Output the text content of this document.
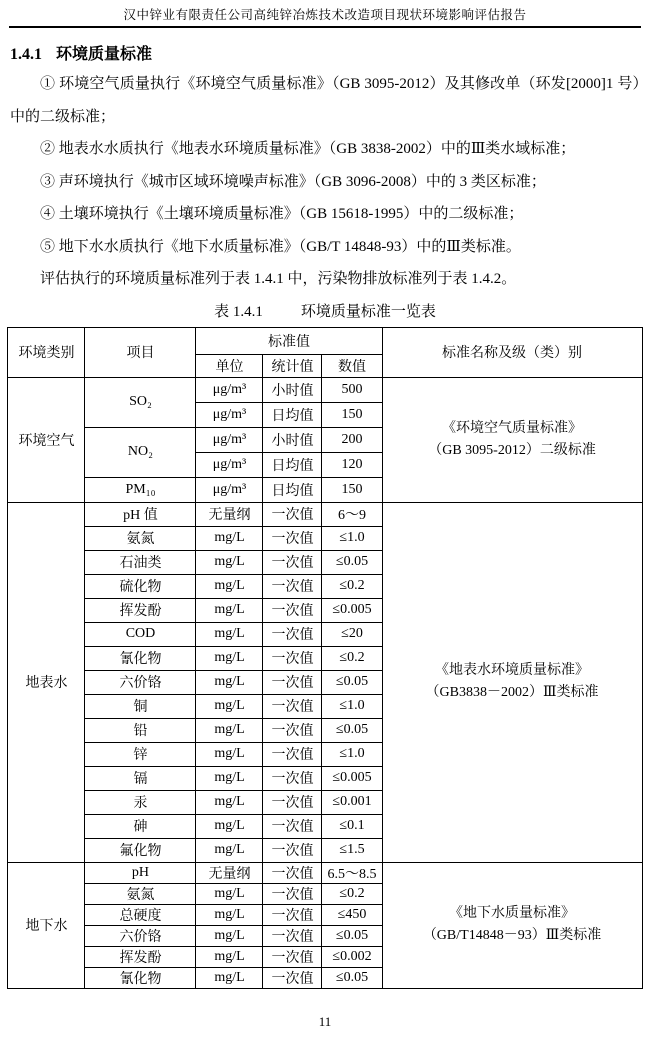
汉中锌业有限责任公司高纯锌冶炼技术改造项目现状环境影响评估报告
1.4.1 环境质量标准

① 环境空气质量执行《环境空气质量标准》（GB 3095-2012）及其修改单（环发[2000]1 号）中的二级标准；

② 地表水水质执行《地表水环境质量标准》（GB 3838-2002）中的Ⅲ类水域标准；

③ 声环境执行《城市区域环境噪声标准》（GB 3096-2008）中的 3 类区标准；

④ 土壤环境执行《土壤环境质量标准》（GB 15618-1995）中的二级标准；

⑤ 地下水水质执行《地下水质量标准》（GB/T 14848-93）中的Ⅲ类标准。

评估执行的环境质量标准列于表 1.4.1 中，污染物排放标准列于表 1.4.2。

表 1.4.1	环境质量标准一览表
环境类别	项目	标准值			标准名称及级（类）别
		单位	统计值	数值	
环境空气	SO₂	μg/m³	小时值	500	《环境空气质量标准》
（GB 3095-2012）二级标准

		μg/m³	日均值	150	
	NO₂	μg/m³	小时值	200	
		μg/m³	日均值	120	
	PM₁₀	μg/m³	日均值	150	
地表水	pH 值	无量纲	一次值	6～9	《地表水环境质量标准》
（GB3838－2002）Ⅲ类标准

	氨氮	mg/L	一次值	≤1.0	
	石油类	mg/L	一次值	≤0.05	
	硫化物	mg/L	一次值	≤0.2	
	挥发酚	mg/L	一次值	≤0.005	
	COD	mg/L	一次值	≤20	
	氰化物	mg/L	一次值	≤0.2	
	六价铬	mg/L	一次值	≤0.05	
	铜	mg/L	一次值	≤1.0	
	铅	mg/L	一次值	≤0.05	
	锌	mg/L	一次值	≤1.0	
	镉	mg/L	一次值	≤0.005	
	汞	mg/L	一次值	≤0.001	
	砷	mg/L	一次值	≤0.1	
	氟化物	mg/L	一次值	≤1.5	
地下水	pH	无量纲	一次值	6.5～8.5	《地下水质量标准》
（GB/T14848－93）Ⅲ类标准

	氨氮	mg/L	一次值	≤0.2	
	总硬度	mg/L	一次值	≤450	
	六价铬	mg/L	一次值	≤0.05	
	挥发酚	mg/L	一次值	≤0.002	
	氰化物	mg/L	一次值	≤0.05	
11
